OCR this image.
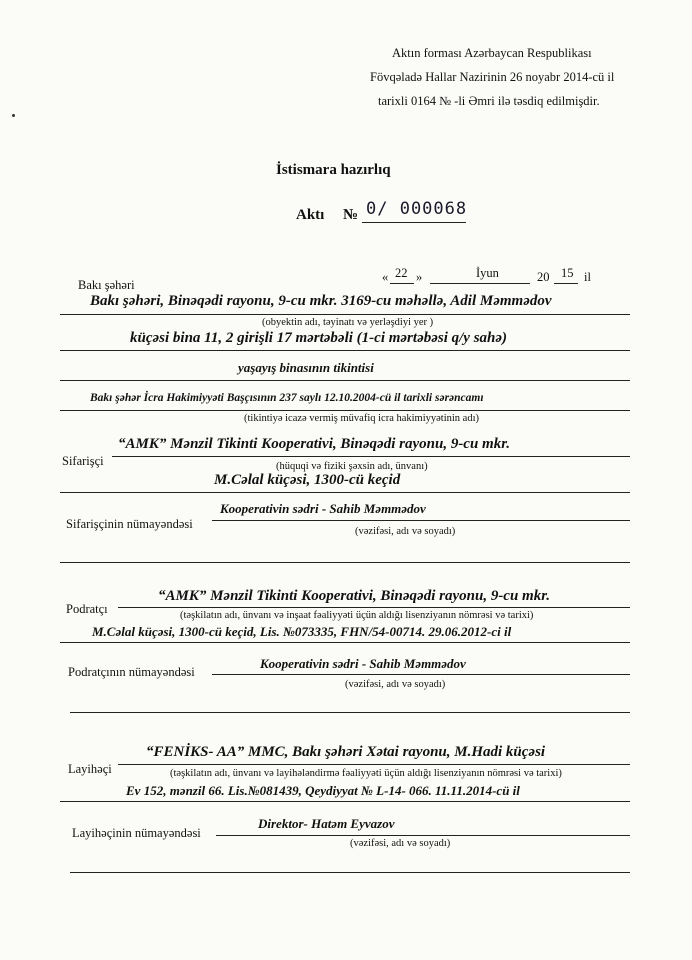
Aktın forması Azərbaycan Respublikası
Fövqəladə Hallar Nazirinin 26 noyabr 2014-cü il
tarixli 0164 № -li Əmri ilə təsdiq edilmişdir.
İstismara hazırlıq
Aktı № 0/ 000068
Bakı şəhəri
« 22 »	İyun	20 15 il
Bakı şəhəri, Binəqədi rayonu, 9-cu mkr. 3169-cu məhəllə, Adil Məmmədov
(obyektin adı, təyinatı və yerləşdiyi yer )
küçəsi bina 11, 2 girişli 17 mərtəbəli (1-ci mərtəbəsi q/y sahə)
yaşayış binasının tikintisi
Bakı şəhər İcra Hakimiyyəti Başçısının 237 saylı 12.10.2004-cü il tarixli sərəncamı
(tikintiyə icazə vermiş müvafiq icra hakimiyyətinin adı)
Sifarişçi
“AMK” Mənzil Tikinti Kooperativi, Binəqədi rayonu, 9-cu mkr.
(hüquqi və fiziki şəxsin adı, ünvanı)
M.Cəlal küçəsi, 1300-cü keçid
Sifarişçinin nümayəndəsi
Kooperativin sədri - Sahib Məmmədov
(vəzifəsi, adı və soyadı)
Podratçı
“AMK” Mənzil Tikinti Kooperativi, Binəqədi rayonu, 9-cu mkr.
(təşkilatın adı, ünvanı və inşaat fəaliyyəti üçün aldığı lisenziyanın nömrəsi və tarixi)
M.Cəlal küçəsi, 1300-cü keçid, Lis. №073335, FHN/54-00714. 29.06.2012-ci il
Podratçının nümayəndəsi
Kooperativin sədri - Sahib Məmmədov
(vəzifəsi, adı və soyadı)
Layihəçi
“FENİKS- AA” MMC, Bakı şəhəri Xətai rayonu, M.Hadi küçəsi
(təşkilatın adı, ünvanı və layihələndirmə fəaliyyəti üçün aldığı lisenziyanın nömrəsi və tarixi)
Ev 152, mənzil 66. Lis.№081439, Qeydiyyat № L-14- 066. 11.11.2014-cü il
Layihəçinin nümayəndəsi
Direktor- Hatəm Eyvazov
(vəzifəsi, adı və soyadı)
